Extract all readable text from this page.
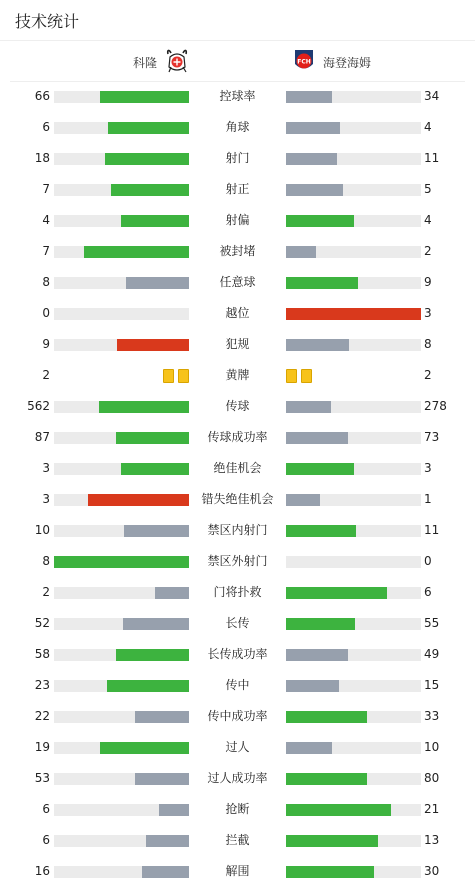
技术统计
科隆	FCH 海登海姆
66	控球率	34
6	角球	4
18	射门	11
7	射正	5
4	射偏	4
7	被封堵	2
8	任意球	9
0	越位	3
9	犯规	8
2	黄牌	2
562	传球	278
87	传球成功率	73
3	绝佳机会	3
3	错失绝佳机会	1
10	禁区内射门	11
8	禁区外射门	0
2	门将扑救	6
52	长传	55
58	长传成功率	49
23	传中	15
22	传中成功率	33
19	过人	10
53	过人成功率	80
6	抢断	21
6	拦截	13
16	解围	30
